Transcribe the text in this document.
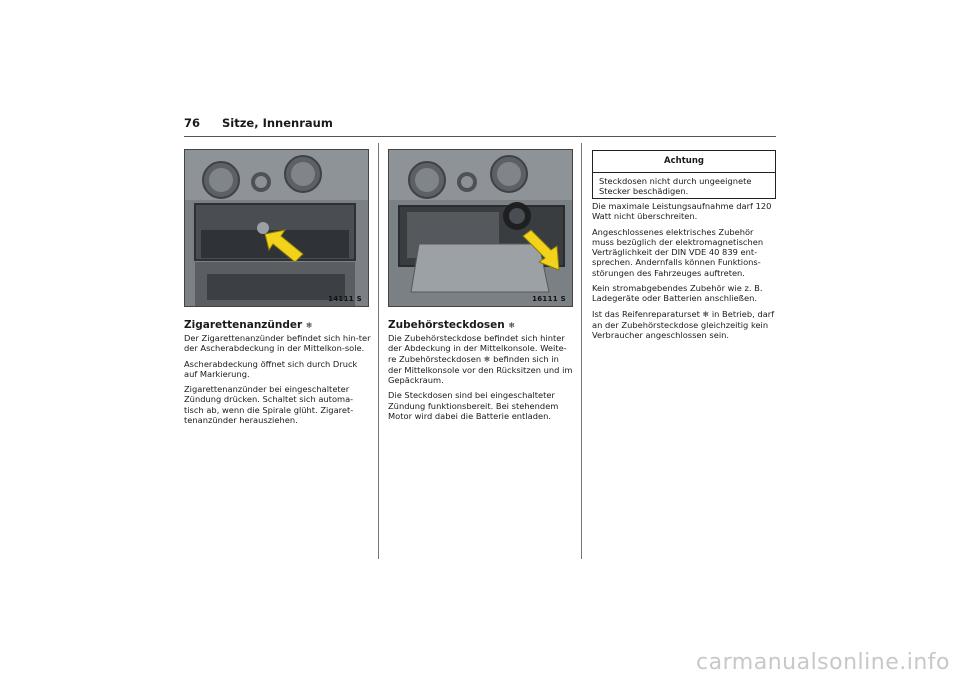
76 Sitze, Innenraum
14111 S	16111 S
Zigarettenanzünder ❄

Der Zigarettenanzünder befindet sich hin-ter der Ascherabdeckung in der Mittelkon-sole.

Ascherabdeckung öffnet sich durch Druck auf Markierung.

Zigarettenanzünder bei eingeschalteter Zündung drücken. Schaltet sich automa-tisch ab, wenn die Spirale glüht. Zigaret-tenanzünder herausziehen.

Zubehörsteckdosen ❄

Die Zubehörsteckdose befindet sich hinter der Abdeckung in der Mittelkonsole. Weite-re Zubehörsteckdosen ❄ befinden sich in der Mittelkonsole vor den Rücksitzen und im Gepäckraum.

Die Steckdosen sind bei eingeschalteter Zündung funktionsbereit. Bei stehendem Motor wird dabei die Batterie entladen.

Achtung
Steckdosen nicht durch ungeeignete Stecker beschädigen.

Die maximale Leistungsaufnahme darf 120 Watt nicht überschreiten.

Angeschlossenes elektrisches Zubehör muss bezüglich der elektromagnetischen Verträglichkeit der DIN VDE 40 839 ent-sprechen. Andernfalls können Funktions-störungen des Fahrzeuges auftreten.

Kein stromabgebendes Zubehör wie z. B. Ladegeräte oder Batterien anschließen.

Ist das Reifenreparaturset ❄ in Betrieb, darf an der Zubehörsteckdose gleichzeitig kein Verbraucher angeschlossen sein.

carmanualsonline.info
